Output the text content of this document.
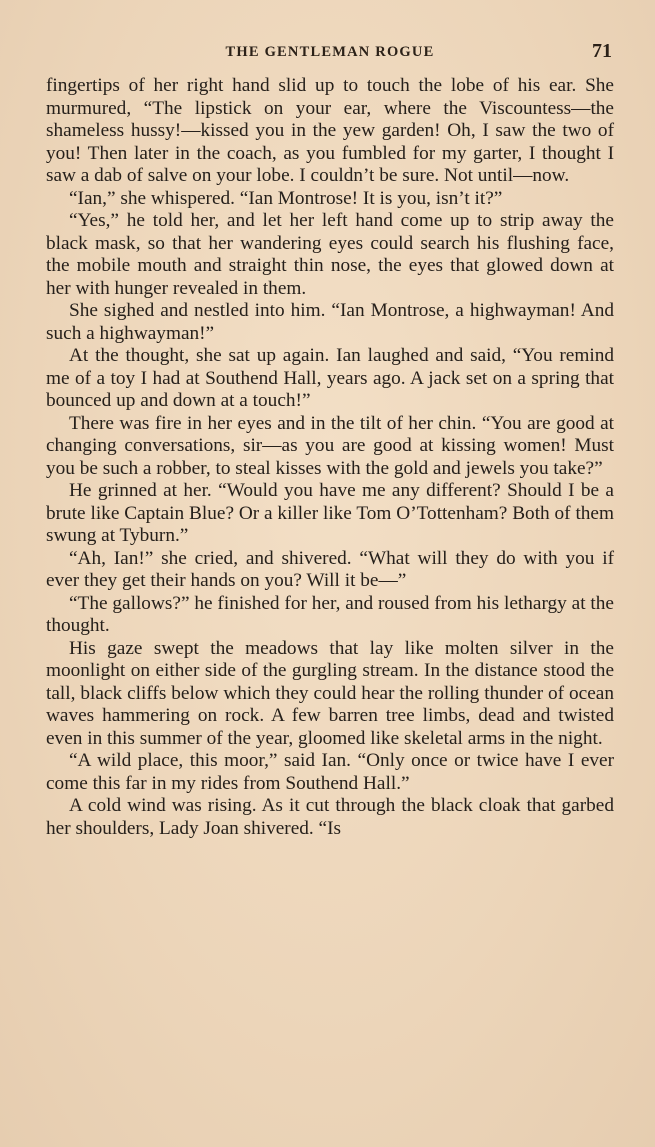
THE GENTLEMAN ROGUE	71

fingertips of her right hand slid up to touch the lobe of his ear. She murmured, “The lipstick on your ear, where the Viscountess—the shameless hussy!—kissed you in the yew garden! Oh, I saw the two of you! Then later in the coach, as you fumbled for my garter, I thought I saw a dab of salve on your lobe. I couldn’t be sure. Not until—now.

“Ian,” she whispered. “Ian Montrose! It is you, isn’t it?”

“Yes,” he told her, and let her left hand come up to strip away the black mask, so that her wandering eyes could search his flushing face, the mobile mouth and straight thin nose, the eyes that glowed down at her with hunger revealed in them.

She sighed and nestled into him. “Ian Montrose, a highwayman! And such a highwayman!”

At the thought, she sat up again. Ian laughed and said, “You remind me of a toy I had at Southend Hall, years ago. A jack set on a spring that bounced up and down at a touch!”

There was fire in her eyes and in the tilt of her chin. “You are good at changing conversations, sir—as you are good at kissing women! Must you be such a robber, to steal kisses with the gold and jewels you take?”

He grinned at her. “Would you have me any different? Should I be a brute like Captain Blue? Or a killer like Tom O’Tottenham? Both of them swung at Tyburn.”

“Ah, Ian!” she cried, and shivered. “What will they do with you if ever they get their hands on you? Will it be—”

“The gallows?” he finished for her, and roused from his lethargy at the thought.

His gaze swept the meadows that lay like molten silver in the moonlight on either side of the gurgling stream. In the distance stood the tall, black cliffs below which they could hear the rolling thunder of ocean waves hammering on rock. A few barren tree limbs, dead and twisted even in this summer of the year, gloomed like skeletal arms in the night.

“A wild place, this moor,” said Ian. “Only once or twice have I ever come this far in my rides from Southend Hall.”

A cold wind was rising. As it cut through the black cloak that garbed her shoulders, Lady Joan shivered. “Is
